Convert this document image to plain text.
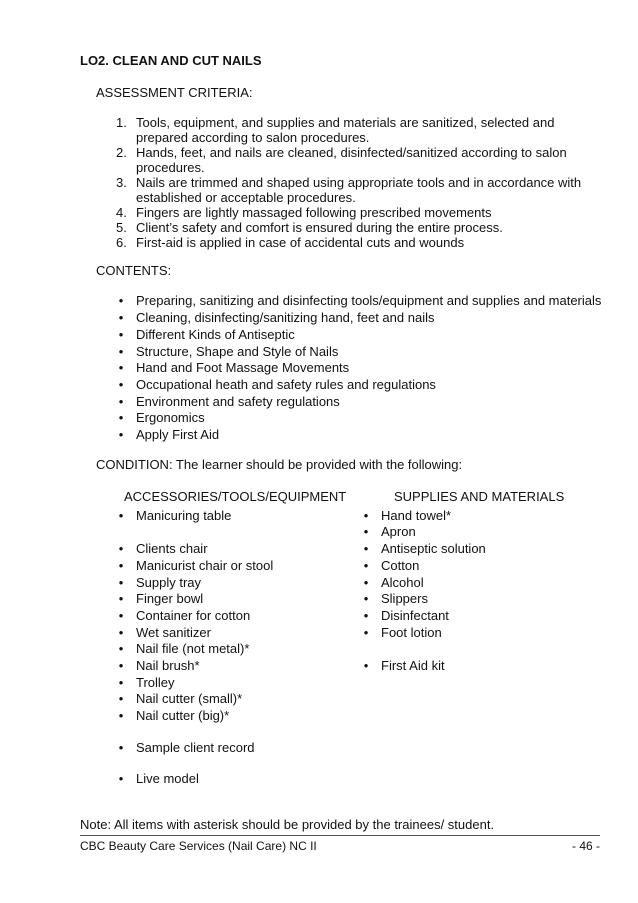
LO2. CLEAN AND CUT NAILS
ASSESSMENT CRITERIA:
1. Tools, equipment, and supplies and materials are sanitized, selected and
prepared according to salon procedures.
2. Hands, feet, and nails are cleaned, disinfected/sanitized according to salon
procedures.
3. Nails are trimmed and shaped using appropriate tools and in accordance with
established or acceptable procedures.
4. Fingers are lightly massaged following prescribed movements
5. Client’s safety and comfort is ensured during the entire process.
6. First-aid is applied in case of accidental cuts and wounds
CONTENTS:
• Preparing, sanitizing and disinfecting tools/equipment and supplies and materials
• Cleaning, disinfecting/sanitizing hand, feet and nails
• Different Kinds of Antiseptic
• Structure, Shape and Style of Nails
• Hand and Foot Massage Movements
• Occupational heath and safety rules and regulations
• Environment and safety regulations
• Ergonomics
• Apply First Aid
CONDITION: The learner should be provided with the following:
ACCESSORIES/TOOLS/EQUIPMENT	SUPPLIES AND MATERIALS
• Manicuring table
• Clients chair
• Manicurist chair or stool
• Supply tray
• Finger bowl
• Container for cotton
• Wet sanitizer
• Nail file (not metal)*
• Nail brush*
• Trolley
• Nail cutter (small)*
• Nail cutter (big)*
• Sample client record
• Live model
• Hand towel*
• Apron
• Antiseptic solution
• Cotton
• Alcohol
• Slippers
• Disinfectant
• Foot lotion
• First Aid kit
Note: All items with asterisk should be provided by the trainees/ student.
CBC Beauty Care Services (Nail Care) NC II	- 46 -
